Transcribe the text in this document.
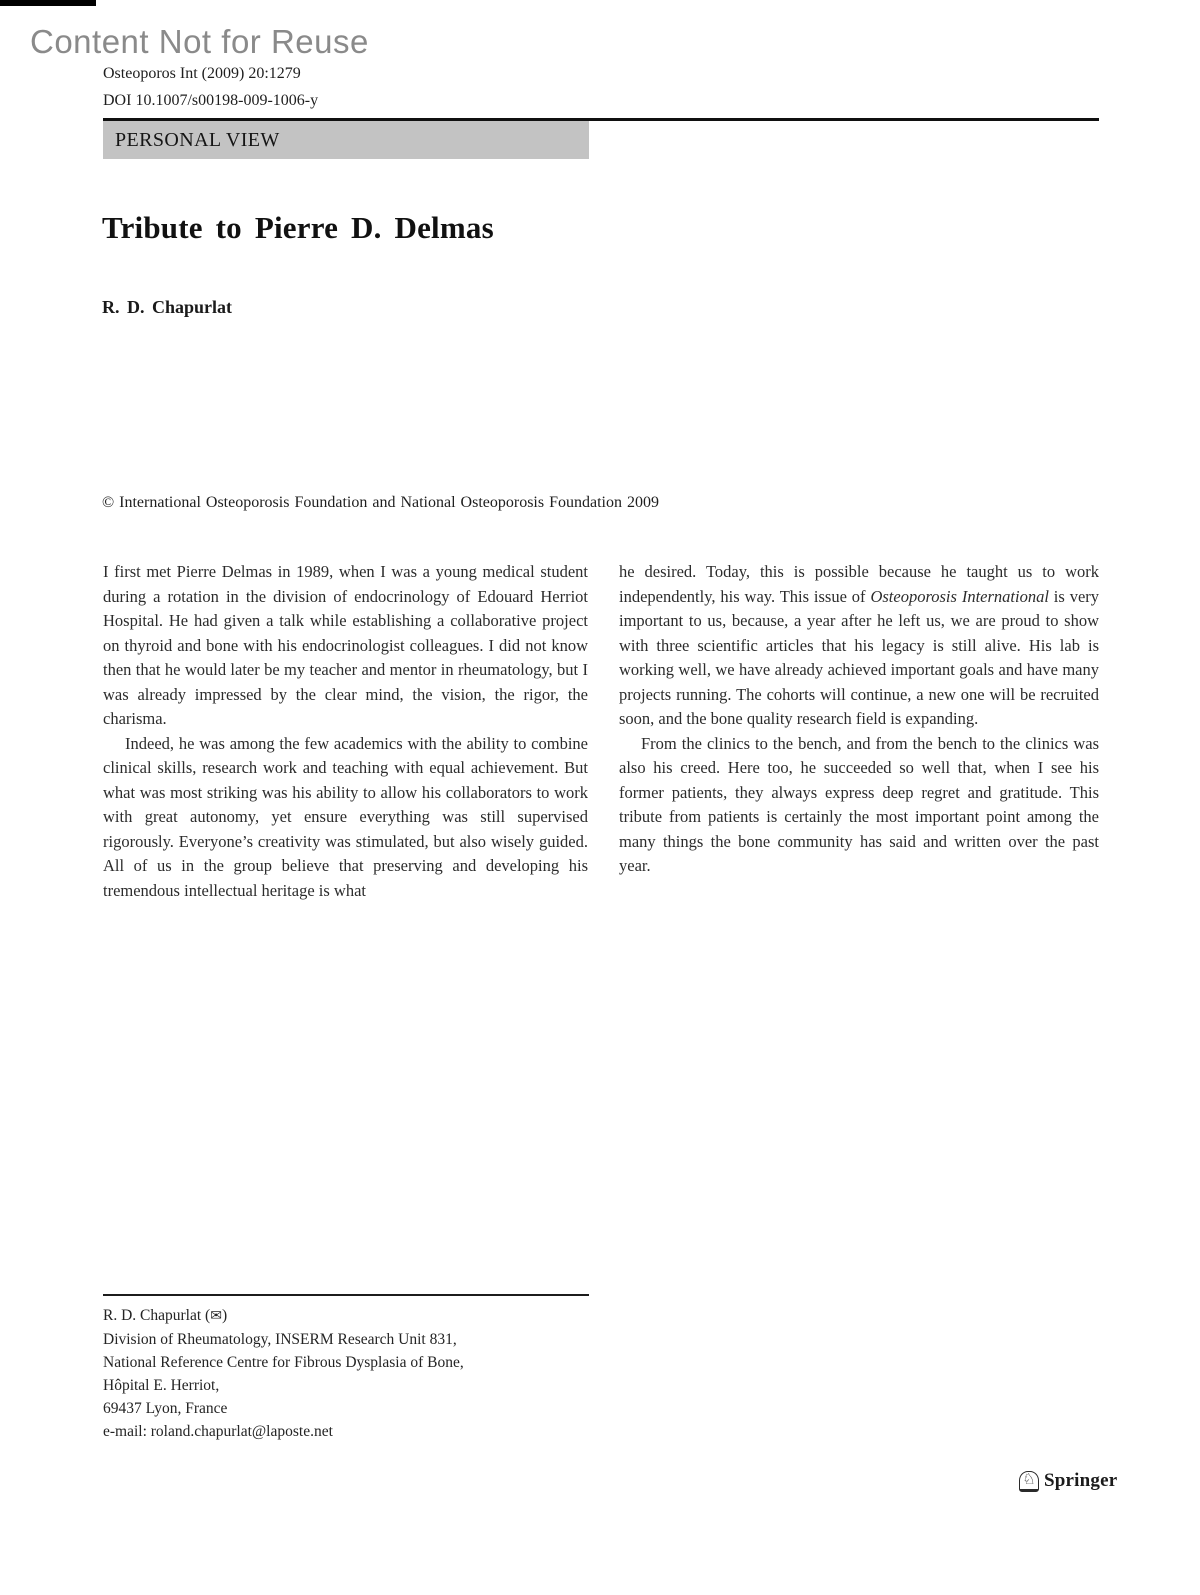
Content Not for Reuse
Osteoporos Int (2009) 20:1279
DOI 10.1007/s00198-009-1006-y
PERSONAL VIEW
Tribute to Pierre D. Delmas
R. D. Chapurlat
© International Osteoporosis Foundation and National Osteoporosis Foundation 2009

I first met Pierre Delmas in 1989, when I was a young medical student during a rotation in the division of endocrinology of Edouard Herriot Hospital. He had given a talk while establishing a collaborative project on thyroid and bone with his endocrinologist colleagues. I did not know then that he would later be my teacher and mentor in rheumatology, but I was already impressed by the clear mind, the vision, the rigor, the charisma.

Indeed, he was among the few academics with the ability to combine clinical skills, research work and teaching with equal achievement. But what was most striking was his ability to allow his collaborators to work with great autonomy, yet ensure everything was still supervised rigorously. Everyone’s creativity was stimulated, but also wisely guided. All of us in the group believe that preserving and developing his tremendous intellectual heritage is what

he desired. Today, this is possible because he taught us to work independently, his way. This issue of Osteoporosis International is very important to us, because, a year after he left us, we are proud to show with three scientific articles that his legacy is still alive. His lab is working well, we have already achieved important goals and have many projects running. The cohorts will continue, a new one will be recruited soon, and the bone quality research field is expanding.

From the clinics to the bench, and from the bench to the clinics was also his creed. Here too, he succeeded so well that, when I see his former patients, they always express deep regret and gratitude. This tribute from patients is certainly the most important point among the many things the bone community has said and written over the past year.

R. D. Chapurlat (✉)
Division of Rheumatology, INSERM Research Unit 831,
National Reference Centre for Fibrous Dysplasia of Bone,
Hôpital E. Herriot,
69437 Lyon, France
e-mail: roland.chapurlat@laposte.net
♘ Springer
